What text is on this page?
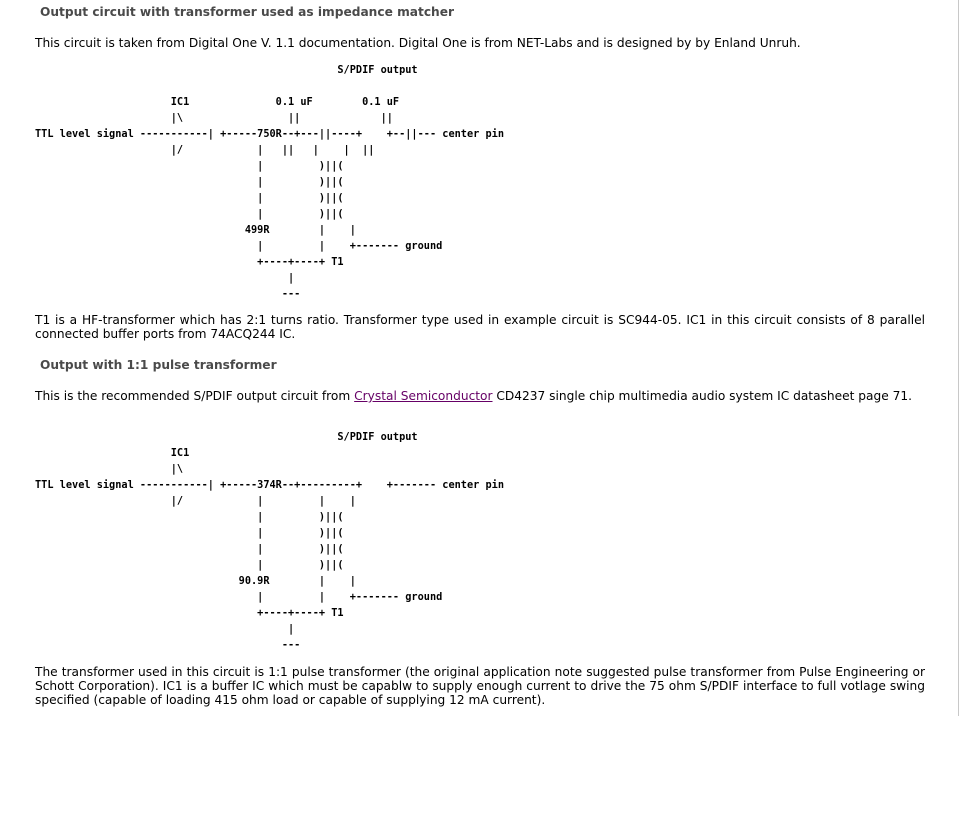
Output circuit with transformer used as impedance matcher

This circuit is taken from Digital One V. 1.1 documentation. Digital One is from NET-Labs and is designed by by Enland Unruh.

S/PDIF output

IC1              0.1 uF        0.1 uF
|\                 ||             ||
TTL level signal -----------| +-----750R--+---||----+    +--||--- center pin
|/            |   ||   |    |  ||
|         )||(
|         )||(
|         )||(
|         )||(
499R        |    |
|         |    +------- ground
+----+----+ T1
|
---

T1 is a HF-transformer which has 2:1 turns ratio. Transformer type used in example circuit is SC944-05. IC1 in this circuit consists of 8 parallel connected buffer ports from 74ACQ244 IC.

Output with 1:1 pulse transformer

This is the recommended S/PDIF output circuit from Crystal Semiconductor CD4237 single chip multimedia audio system IC datasheet page 71.

S/PDIF output
IC1
|\
TTL level signal -----------| +-----374R--+---------+    +------- center pin
|/            |         |    |
|         )||(
|         )||(
|         )||(
|         )||(
90.9R        |    |
|         |    +------- ground
+----+----+ T1
|
---

The transformer used in this circuit is 1:1 pulse transformer (the original application note suggested pulse transformer from Pulse Engineering or Schott Corporation). IC1 is a buffer IC which must be capablw to supply enough current to drive the 75 ohm S/PDIF interface to full votlage swing specified (capable of loading 415 ohm load or capable of supplying 12 mA current).
